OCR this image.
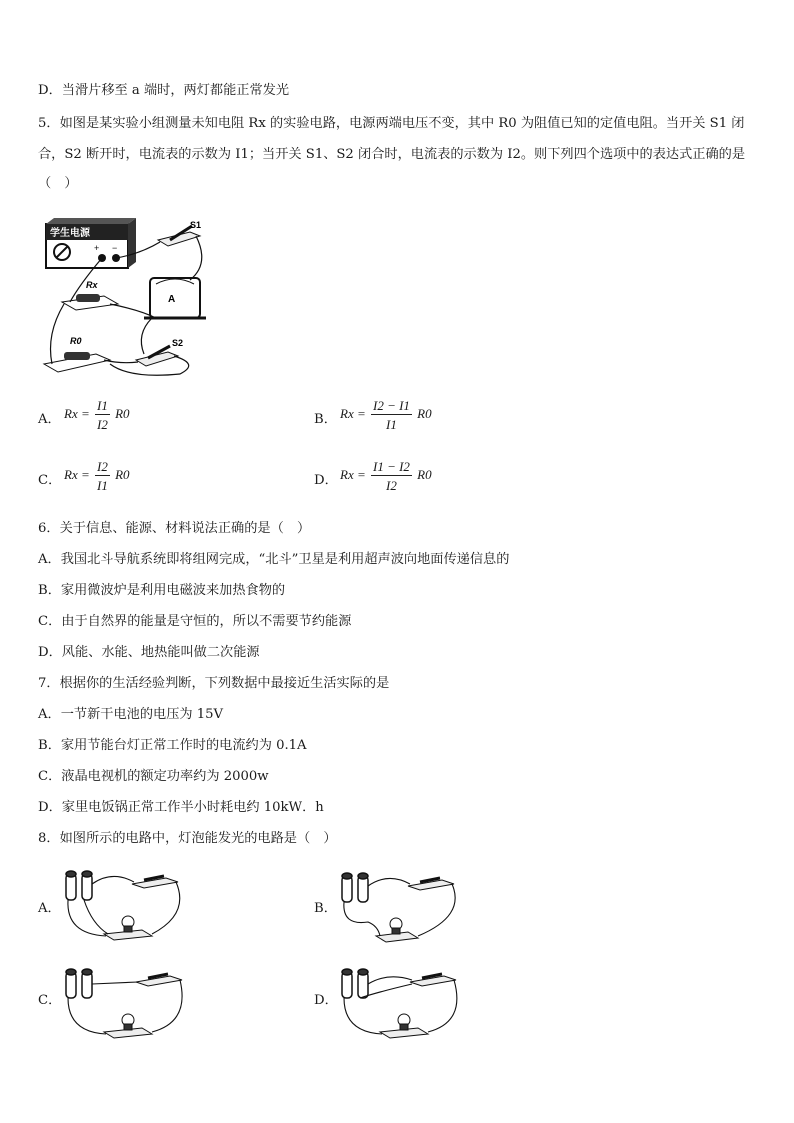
D．当滑片移至 a 端时，两灯都能正常发光
5．如图是某实验小组测量未知电阻 Rx 的实验电路，电源两端电压不变，其中 R0 为阻值已知的定值电阻。当开关 S1 闭
合，S2 断开时，电流表的示数为 I1；当开关 S1、S2 闭合时，电流表的示数为 I2。则下列四个选项中的表达式正确的是
（　）
+ −
学生电源
S1
Rx
A
R0	S2
A． $Rx = \frac{I1}{I2} R0$	B． $Rx = \frac{I2 - I1}{I1} R0$
C． $Rx = \frac{I2}{I1} R0$	D． $Rx = \frac{I1 - I2}{I2} R0$
6．关于信息、能源、材料说法正确的是（　）
A．我国北斗导航系统即将组网完成，“北斗”卫星是利用超声波向地面传递信息的
B．家用微波炉是利用电磁波来加热食物的
C．由于自然界的能量是守恒的，所以不需要节约能源
D．风能、水能、地热能叫做二次能源
7．根据你的生活经验判断，下列数据中最接近生活实际的是
A．一节新干电池的电压为 15V
B．家用节能台灯正常工作时的电流约为 0.1A
C．液晶电视机的额定功率约为 2000w
D．家里电饭锅正常工作半小时耗电约 10kW．h
8．如图所示的电路中，灯泡能发光的电路是（　）
A．	B．
C．	D．
